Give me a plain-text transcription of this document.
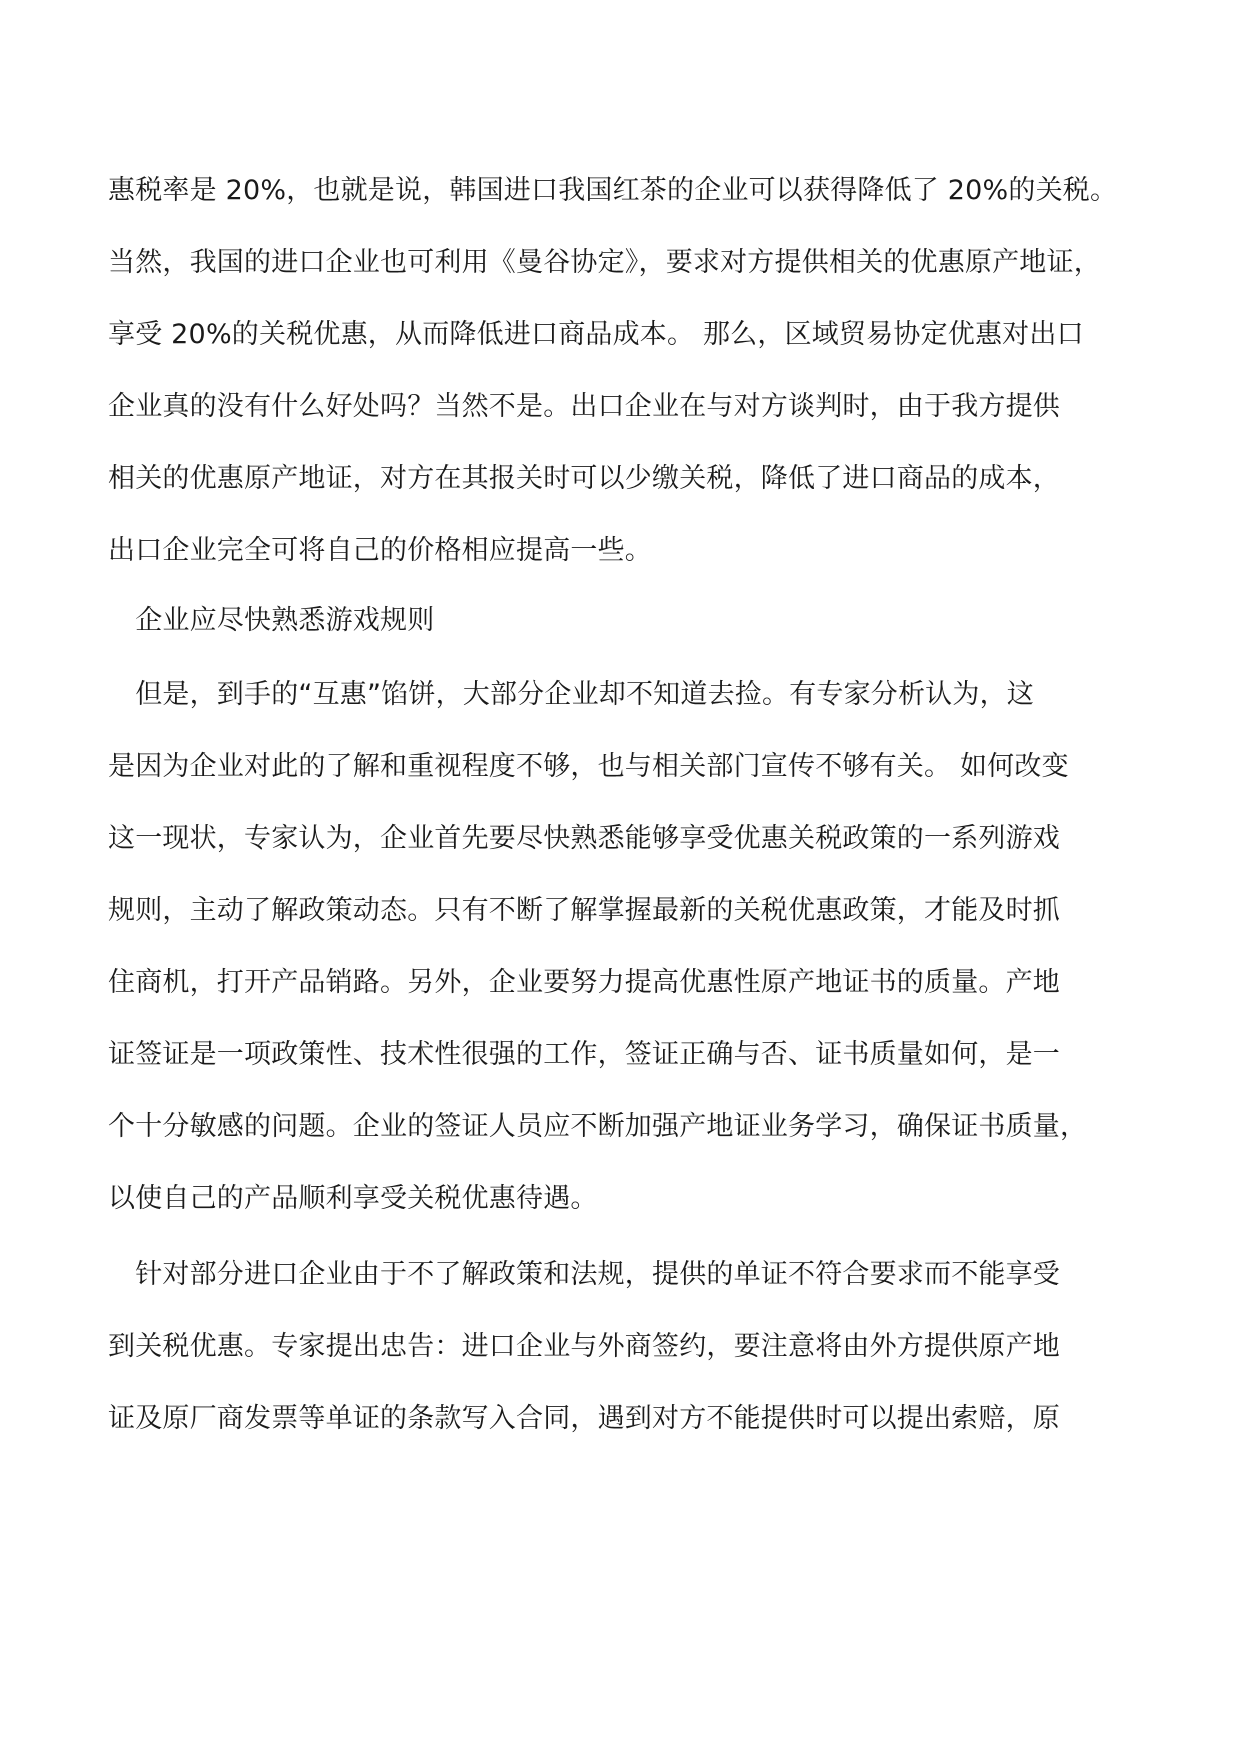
惠税率是 20%，也就是说，韩国进口我国红茶的企业可以获得降低了 20%的关税。
当然，我国的进口企业也可利用《曼谷协定》，要求对方提供相关的优惠原产地证，
享受 20%的关税优惠，从而降低进口商品成本。 那么，区域贸易协定优惠对出口
企业真的没有什么好处吗？当然不是。出口企业在与对方谈判时，由于我方提供
相关的优惠原产地证，对方在其报关时可以少缴关税，降低了进口商品的成本，
出口企业完全可将自己的价格相应提高一些。
　企业应尽快熟悉游戏规则
　但是，到手的“互惠”馅饼，大部分企业却不知道去捡。有专家分析认为，这
是因为企业对此的了解和重视程度不够，也与相关部门宣传不够有关。 如何改变
这一现状，专家认为，企业首先要尽快熟悉能够享受优惠关税政策的一系列游戏
规则，主动了解政策动态。只有不断了解掌握最新的关税优惠政策，才能及时抓
住商机，打开产品销路。另外，企业要努力提高优惠性原产地证书的质量。产地
证签证是一项政策性、技术性很强的工作，签证正确与否、证书质量如何，是一
个十分敏感的问题。企业的签证人员应不断加强产地证业务学习，确保证书质量，
以使自己的产品顺利享受关税优惠待遇。
　针对部分进口企业由于不了解政策和法规，提供的单证不符合要求而不能享受
到关税优惠。专家提出忠告：进口企业与外商签约，要注意将由外方提供原产地
证及原厂商发票等单证的条款写入合同，遇到对方不能提供时可以提出索赔，原
